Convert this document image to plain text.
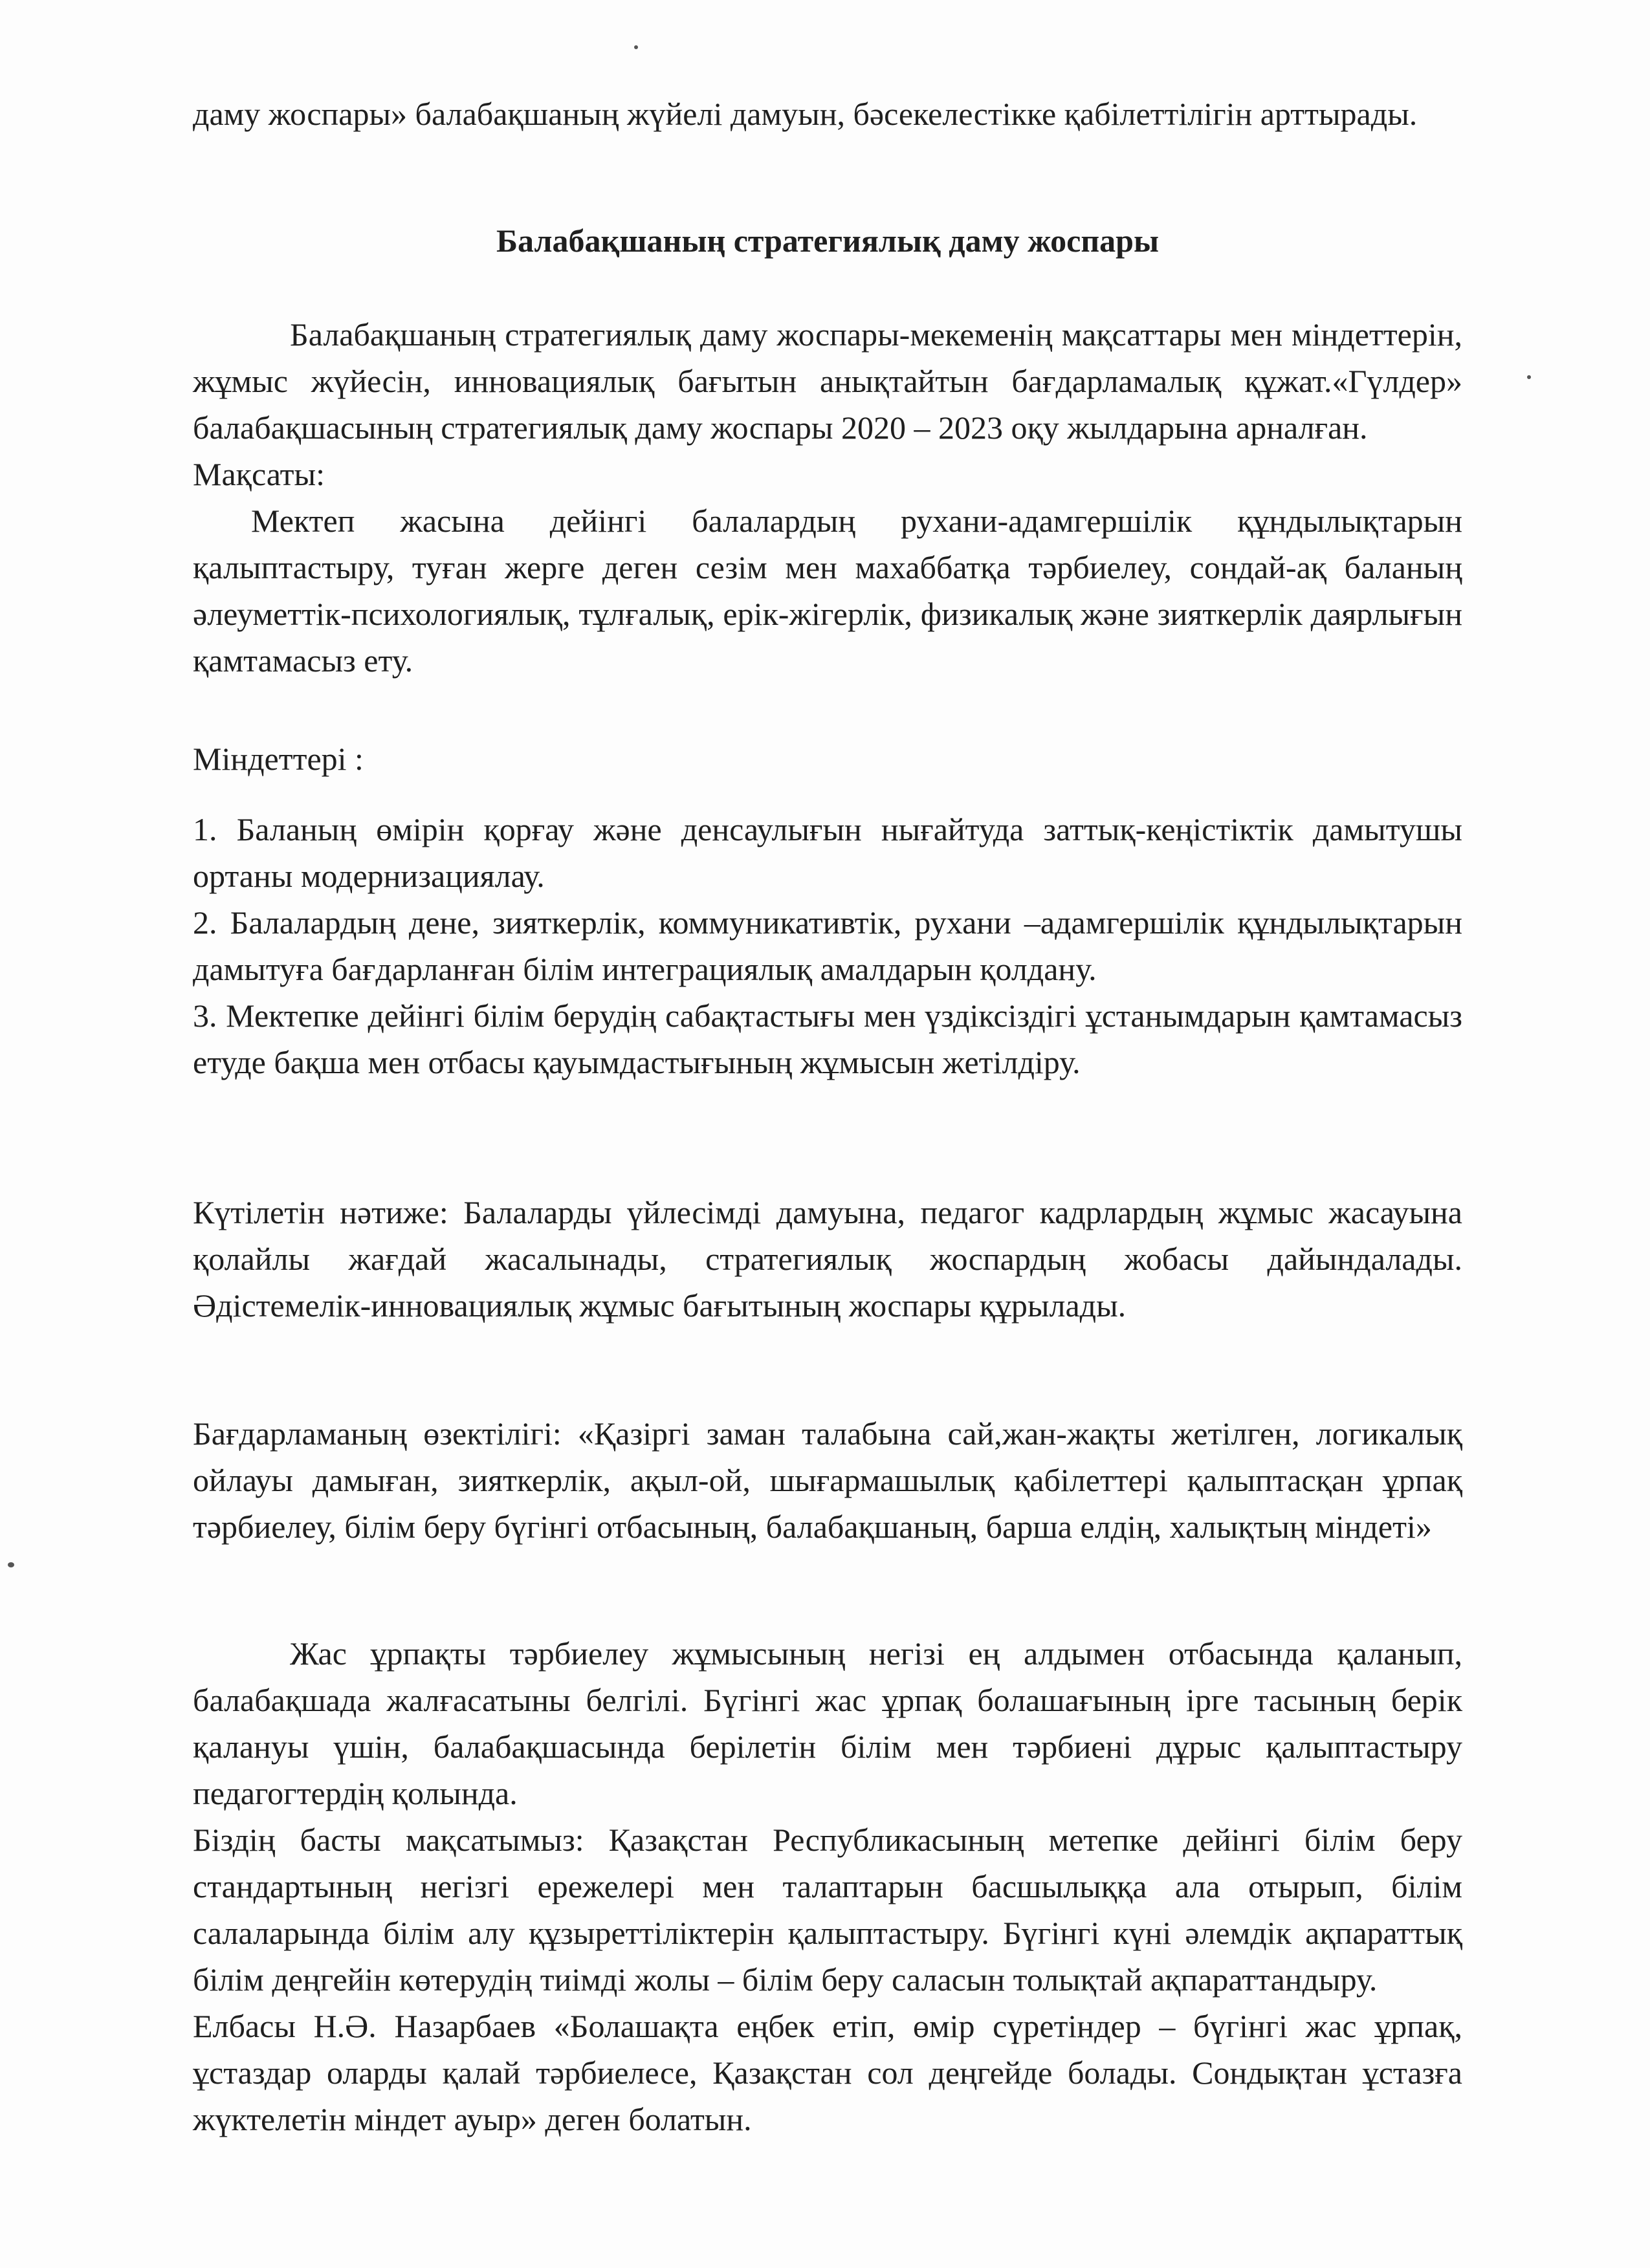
даму жоспары» балабақшаның жүйелі дамуын, бәсекелестікке қабілеттілігін арттырады.

Балабақшаның стратегиялық даму жоспары

Балабақшаның стратегиялық даму жоспары-мекеменің мақсаттары мен міндеттерін, жұмыс жүйесін, инновациялық бағытын анықтайтын бағдарламалық құжат.«Гүлдер» балабақшасының стратегиялық даму жоспары 2020 – 2023 оқу жылдарына арналған.

Мақсаты:

Мектеп жасына дейінгі балалардың рухани-адамгершілік құндылықтарын қалыптастыру, туған жерге деген сезім мен махаббатқа тәрбиелеу, сондай-ақ баланың әлеуметтік-психологиялық, тұлғалық, ерік-жігерлік, физикалық және зияткерлік даярлығын қамтамасыз ету.

Міндеттері :

1. Баланың өмірін қорғау және денсаулығын нығайтуда заттық-кеңістіктік дамытушы ортаны модернизациялау.

2. Балалардың дене, зияткерлік, коммуникативтік, рухани –адамгершілік құндылықтарын дамытуға бағдарланған білім интеграциялық амалдарын қолдану.

3. Мектепке дейінгі білім берудің сабақтастығы мен үздіксіздігі ұстанымдарын қамтамасыз етуде бақша мен отбасы қауымдастығының жұмысын жетілдіру.

Күтілетін нәтиже: Балаларды үйлесімді дамуына, педагог кадрлардың жұмыс жасауына қолайлы жағдай жасалынады, стратегиялық жоспардың жобасы дайындалады. Әдістемелік-инновациялық жұмыс бағытының жоспары құрылады.

Бағдарламаның өзектілігі: «Қазіргі заман талабына сай,жан-жақты жетілген, логикалық ойлауы дамыған, зияткерлік, ақыл-ой, шығармашылық қабілеттері қалыптасқан ұрпақ тәрбиелеу, білім беру бүгінгі отбасының, балабақшаның, барша елдің, халықтың міндеті»

Жас ұрпақты тәрбиелеу жұмысының негізі ең алдымен отбасында қаланып, балабақшада жалғасатыны белгілі. Бүгінгі жас ұрпақ болашағының іргe тасының берік қалануы үшін, балабақшасында берілетін білім мен тәрбиені дұрыс қалыптастыру педагогтердің қолында.

Біздің басты мақсатымыз: Қазақстан Республикасының метепке дейінгі білім беру стандартының негізгі ережелері мен талаптарын басшылыққа ала отырып, білім салаларында білім алу құзыреттіліктерін қалыптастыру. Бүгінгі күні әлемдік ақпараттық білім деңгейін көтерудің тиімді жолы – білім беру саласын толықтай ақпараттандыру.

Елбасы Н.Ә. Назарбаев «Болашақта еңбек етіп, өмір сүретіндер – бүгінгі жас ұрпақ, ұстаздар оларды қалай тәрбиелесе, Қазақстан сол деңгейде болады. Сондықтан ұстазға жүктелетін міндет ауыр» деген болатын.
